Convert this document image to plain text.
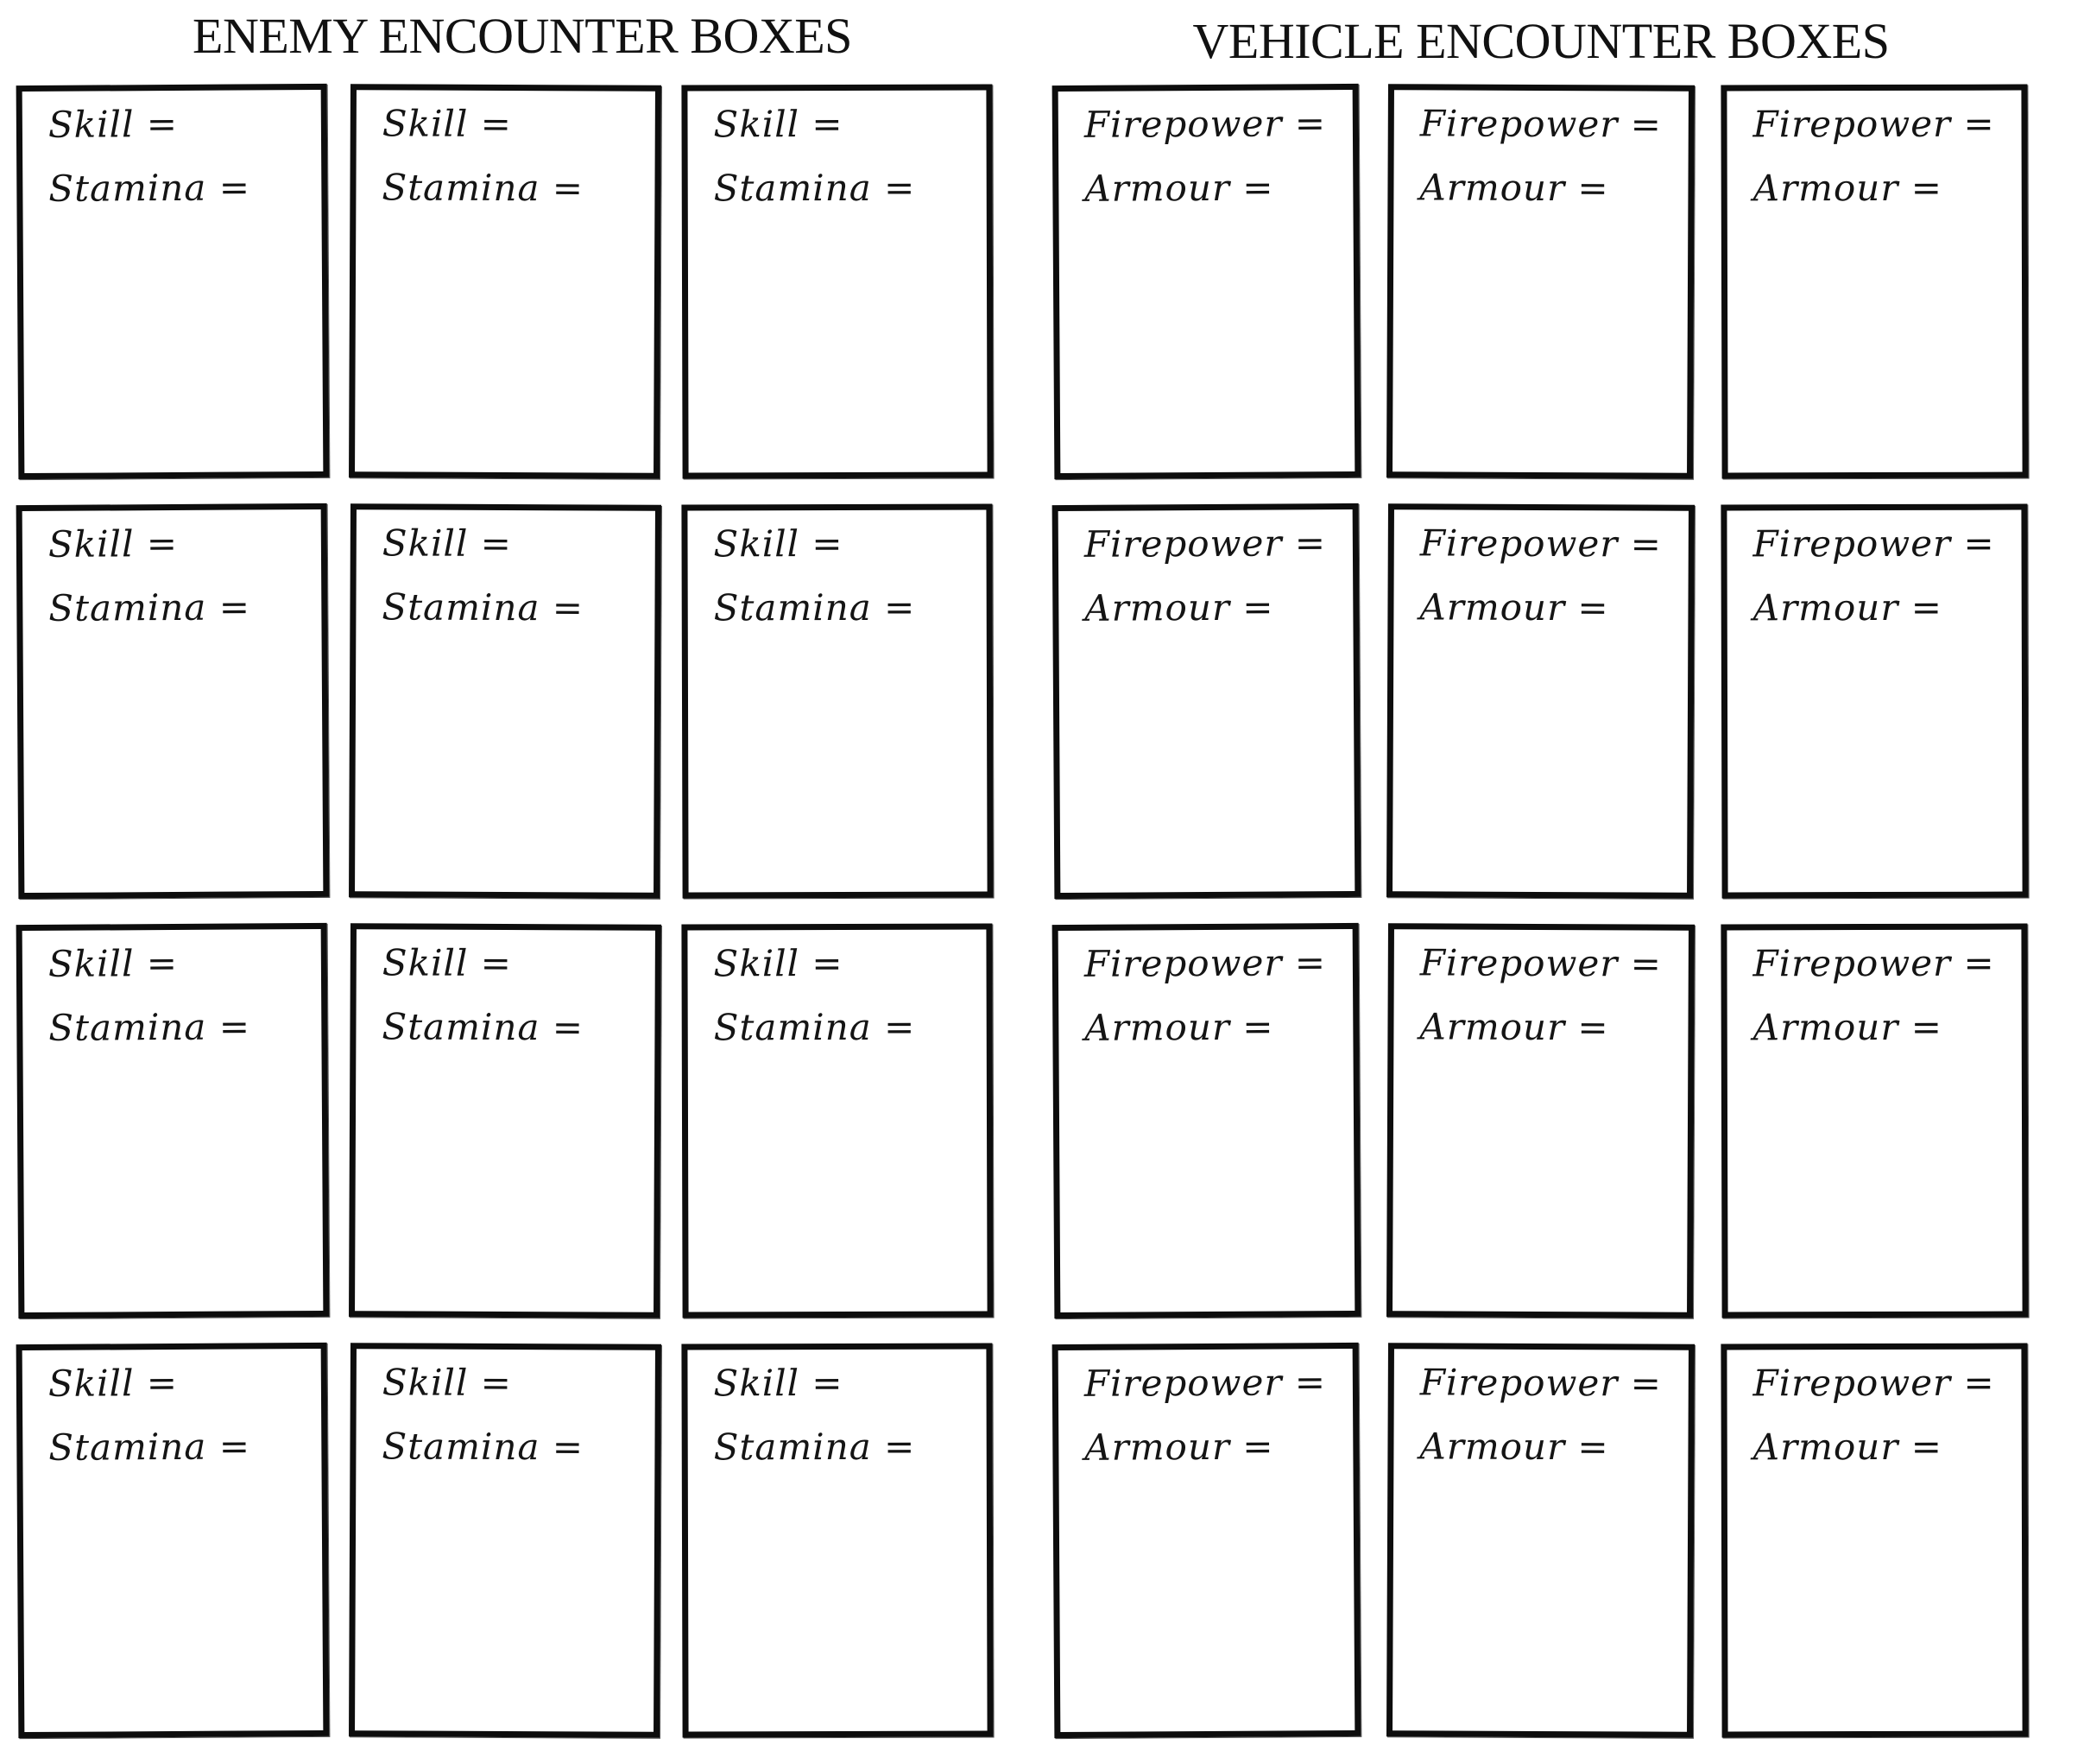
ENEMY ENCOUNTER BOXES
Skill =
Stamina =
Skill =
Stamina =
Skill =
Stamina =
Skill =
Stamina =
Skill =
Stamina =
Skill =
Stamina =
Skill =
Stamina =
Skill =
Stamina =
Skill =
Stamina =
Skill =
Stamina =
Skill =
Stamina =
Skill =
Stamina =
VEHICLE ENCOUNTER BOXES
Firepower =
Armour =
Firepower =
Armour =
Firepower =
Armour =
Firepower =
Armour =
Firepower =
Armour =
Firepower =
Armour =
Firepower =
Armour =
Firepower =
Armour =
Firepower =
Armour =
Firepower =
Armour =
Firepower =
Armour =
Firepower =
Armour =
